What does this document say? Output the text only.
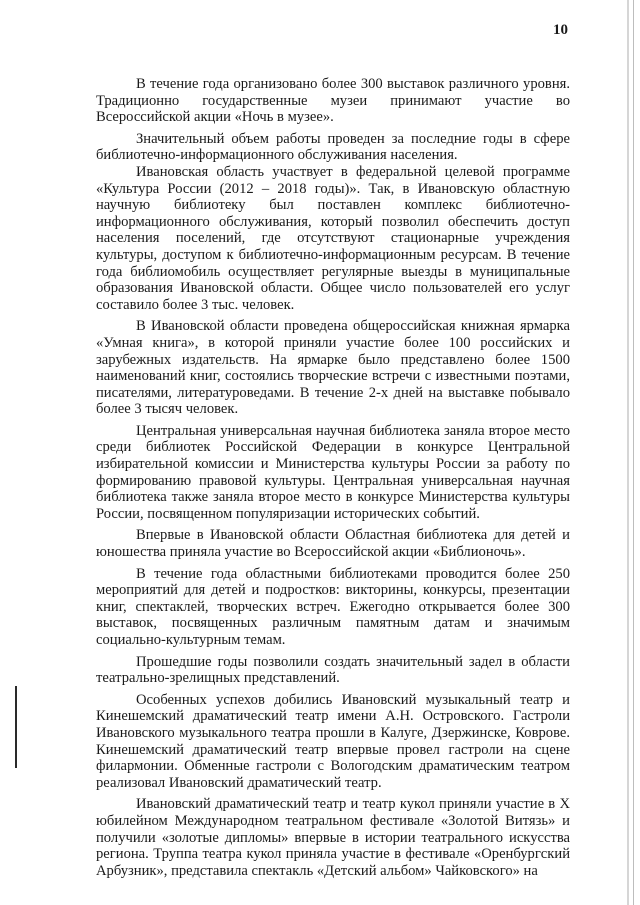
10

В течение года организовано более 300 выставок различного уровня. Традиционно государственные музеи принимают участие во Всероссийской акции «Ночь в музее».

Значительный объем работы проведен за последние годы в сфере библиотечно-информационного обслуживания населения.

Ивановская область участвует в федеральной целевой программе «Культура России (2012 – 2018 годы)». Так, в Ивановскую областную научную библиотеку был поставлен комплекс библиотечно-информационного обслуживания, который позволил обеспечить доступ населения поселений, где отсутствуют стационарные учреждения культуры, доступом к библиотечно-информационным ресурсам. В течение года библиомобиль осуществляет регулярные выезды в муниципальные образования Ивановской области. Общее число пользователей его услуг составило более 3 тыс. человек.

В Ивановской области проведена общероссийская книжная ярмарка «Умная книга», в которой приняли участие более 100 российских и зарубежных издательств. На ярмарке было представлено более 1500 наименований книг, состоялись творческие встречи с известными поэтами, писателями, литературоведами. В течение 2-х дней на выставке побывало более 3 тысяч человек.

Центральная универсальная научная библиотека заняла второе место среди библиотек Российской Федерации в конкурсе Центральной избирательной комиссии и Министерства культуры России за работу по формированию правовой культуры. Центральная универсальная научная библиотека также заняла второе место в конкурсе Министерства культуры России, посвященном популяризации исторических событий.

Впервые в Ивановской области Областная библиотека для детей и юношества приняла участие во Всероссийской акции «Библионочь».

В течение года областными библиотеками проводится более 250 мероприятий для детей и подростков: викторины, конкурсы, презентации книг, спектаклей, творческих встреч. Ежегодно открывается более 300 выставок, посвященных различным памятным датам и значимым социально-культурным темам.

Прошедшие годы позволили создать значительный задел в области театрально-зрелищных представлений.

Особенных успехов добились Ивановский музыкальный театр и Кинешемский драматический театр имени А.Н. Островского. Гастроли Ивановского музыкального театра прошли в Калуге, Дзержинске, Коврове. Кинешемский драматический театр впервые провел гастроли на сцене филармонии. Обменные гастроли с Вологодским драматическим театром реализовал Ивановский драматический театр.

Ивановский драматический театр и театр кукол приняли участие в X юбилейном Международном театральном фестивале «Золотой Витязь» и получили «золотые дипломы» впервые в истории театрального искусства региона. Труппа театра кукол приняла участие в фестивале «Оренбургский Арбузник», представила спектакль «Детский альбом» Чайковского» на
